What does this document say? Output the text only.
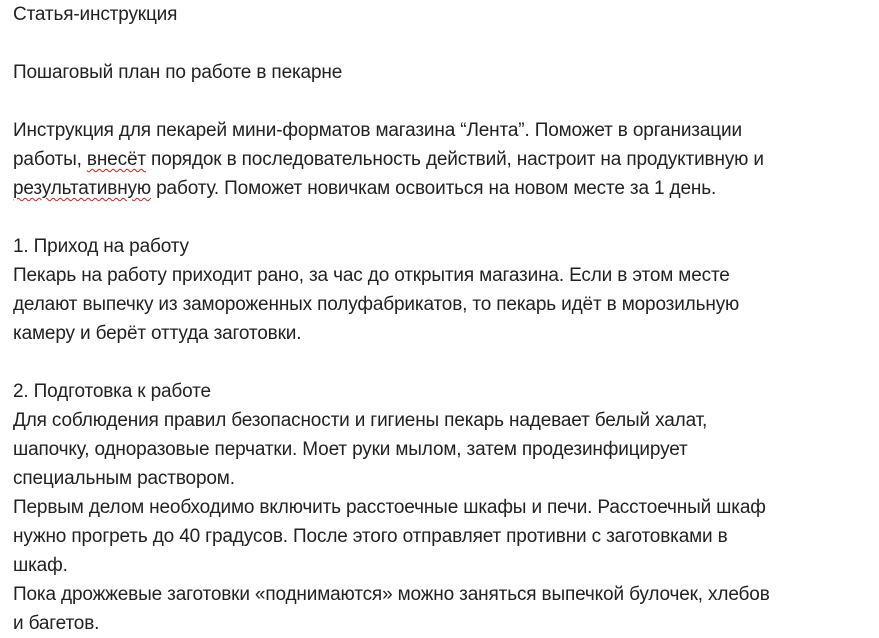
Статья-инструкция
Пошаговый план по работе в пекарне
Инструкция для пекарей мини-форматов магазина “Лента”. Поможет в организации
работы, внесёт порядок в последовательность действий, настроит на продуктивную и
результативную работу. Поможет новичкам освоиться на новом месте за 1 день.
1. Приход на работу
Пекарь на работу приходит рано, за час до открытия магазина. Если в этом месте
делают выпечку из замороженных полуфабрикатов, то пекарь идёт в морозильную
камеру и берёт оттуда заготовки.
2. Подготовка к работе
Для соблюдения правил безопасности и гигиены пекарь надевает белый халат,
шапочку, одноразовые перчатки. Моет руки мылом, затем продезинфицирует
специальным раствором.
Первым делом необходимо включить расстоечные шкафы и печи. Расстоечный шкаф
нужно прогреть до 40 градусов. После этого отправляет противни с заготовками в
шкаф.
Пока дрожжевые заготовки «поднимаются» можно заняться выпечкой булочек, хлебов
и багетов.
